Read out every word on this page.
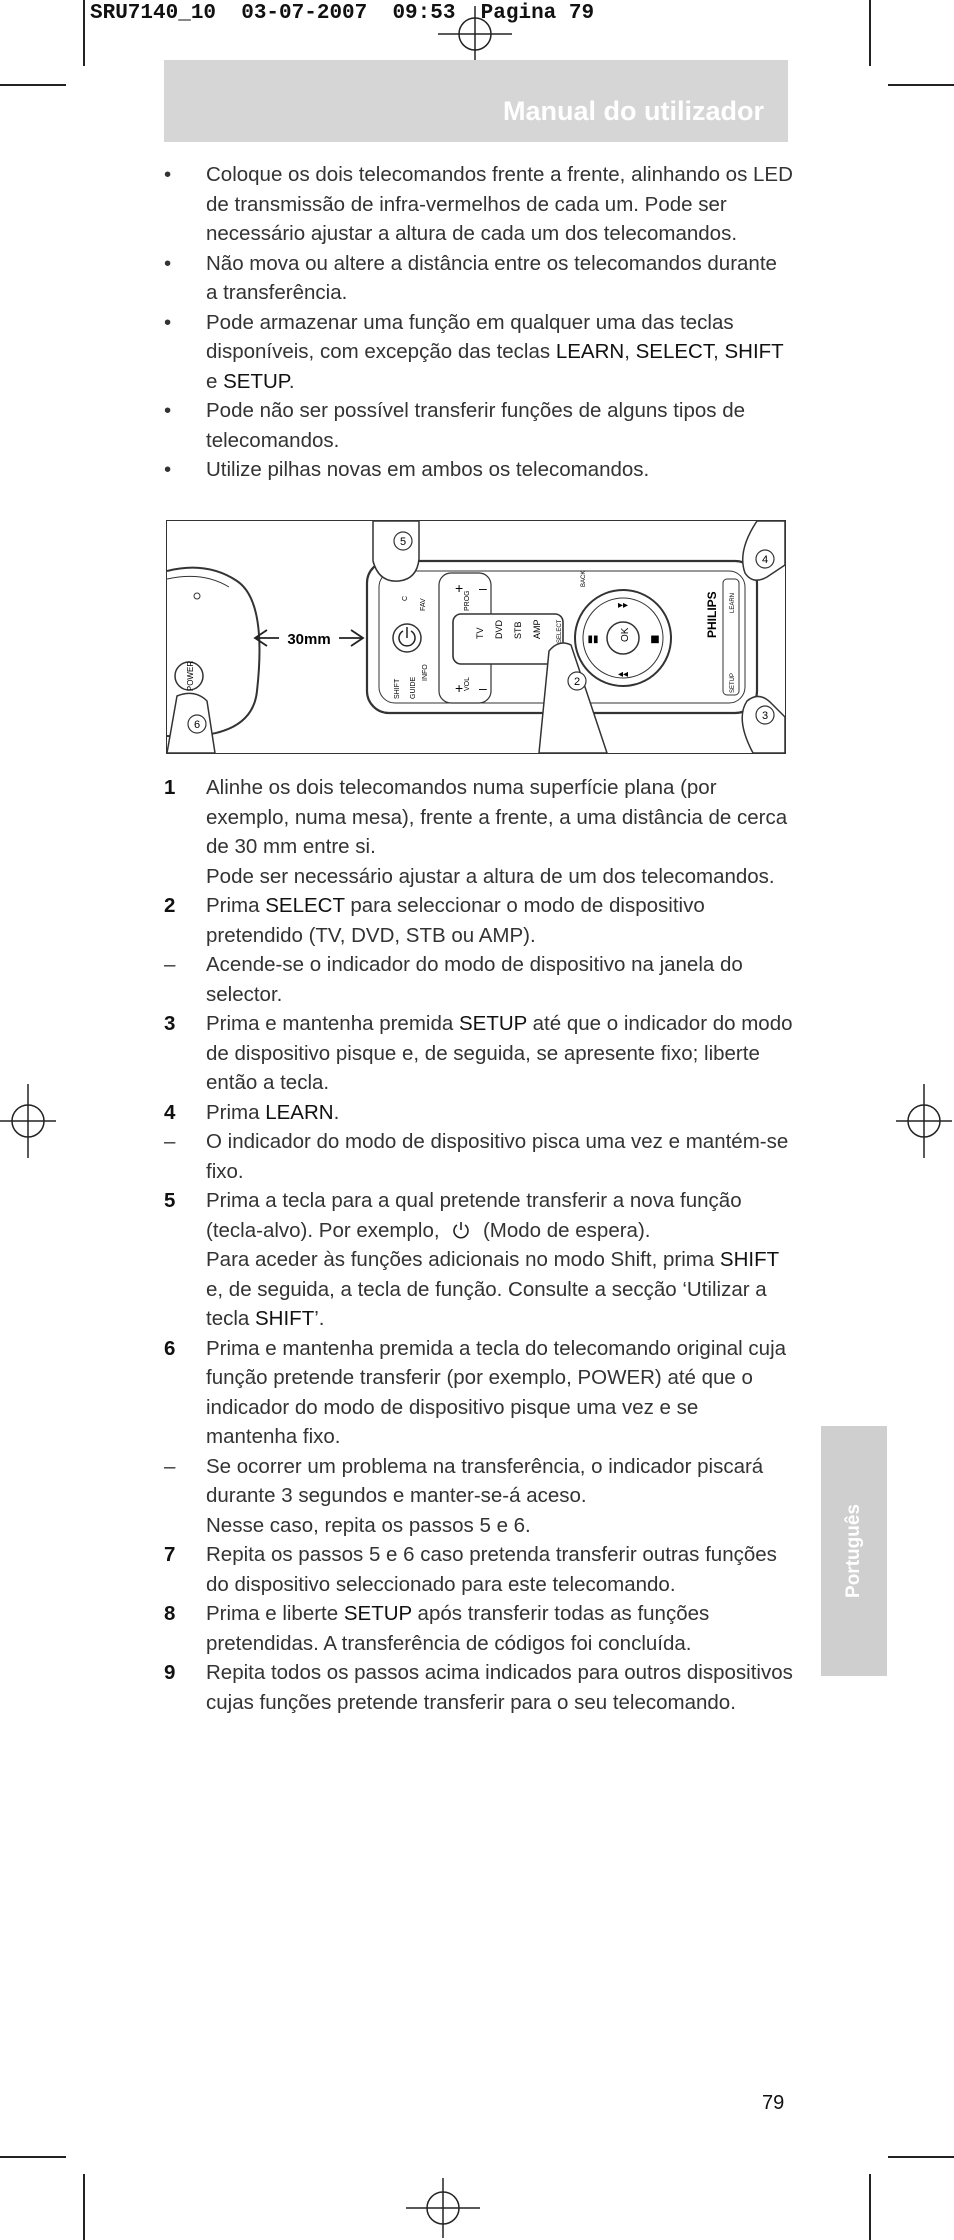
SRU7140_10  03-07-2007  09:53  Pagina 79
Manual do utilizador
• Coloque os dois telecomandos frente a frente, alinhando os LED de transmissão de infra-vermelhos de cada um. Pode ser necessário ajustar a altura de cada um dos telecomandos.
• Não mova ou altere a distância entre os telecomandos durante a transferência.
• Pode armazenar uma função em qualquer uma das teclas disponíveis, com excepção das teclas LEARN, SELECT, SHIFT e SETUP.
• Pode não ser possível transferir funções de alguns tipos de telecomandos.
• Utilize pilhas novas em ambos os telecomandos.
POWER
6
30mm
SHIFT GUIDE
INFO
C FAV
+ –
+ –
PROG
VOL
TV DVD STB AMP	SELECT	OK
▸▸
◂◂
▮▮	■
BACK
PHILIPS LEARN
SETUP
5
2
4
3
1 Alinhe os dois telecomandos numa superfície plana (por exemplo, numa mesa), frente a frente, a uma distância de cerca de 30 mm entre si.
Pode ser necessário ajustar a altura de um dos telecomandos.
2 Prima SELECT para seleccionar o modo de dispositivo pretendido (TV, DVD, STB ou AMP).
– Acende-se o indicador do modo de dispositivo na janela do selector.
3 Prima e mantenha premida SETUP até que o indicador do modo de dispositivo pisque e, de seguida, se apresente fixo; liberte então a tecla.
4 Prima LEARN.
– O indicador do modo de dispositivo pisca uma vez e mantém-se fixo.
5 Prima a tecla para a qual pretende transferir a nova função (tecla-alvo). Por exemplo,  (Modo de espera).
Para aceder às funções adicionais no modo Shift, prima SHIFT e, de seguida, a tecla de função. Consulte a secção ‘Utilizar a tecla SHIFT’.
6 Prima e mantenha premida a tecla do telecomando original cuja função pretende transferir (por exemplo, POWER) até que o indicador do modo de dispositivo pisque uma vez e se mantenha fixo.
– Se ocorrer um problema na transferência, o indicador piscará durante 3 segundos e manter-se-á aceso.
Nesse caso, repita os passos 5 e 6.
7 Repita os passos 5 e 6 caso pretenda transferir outras funções do dispositivo seleccionado para este telecomando.
8 Prima e liberte SETUP após transferir todas as funções pretendidas. A transferência de códigos foi concluída.
9 Repita todos os passos acima indicados para outros dispositivos cujas funções pretende transferir para o seu telecomando.
Português
79
